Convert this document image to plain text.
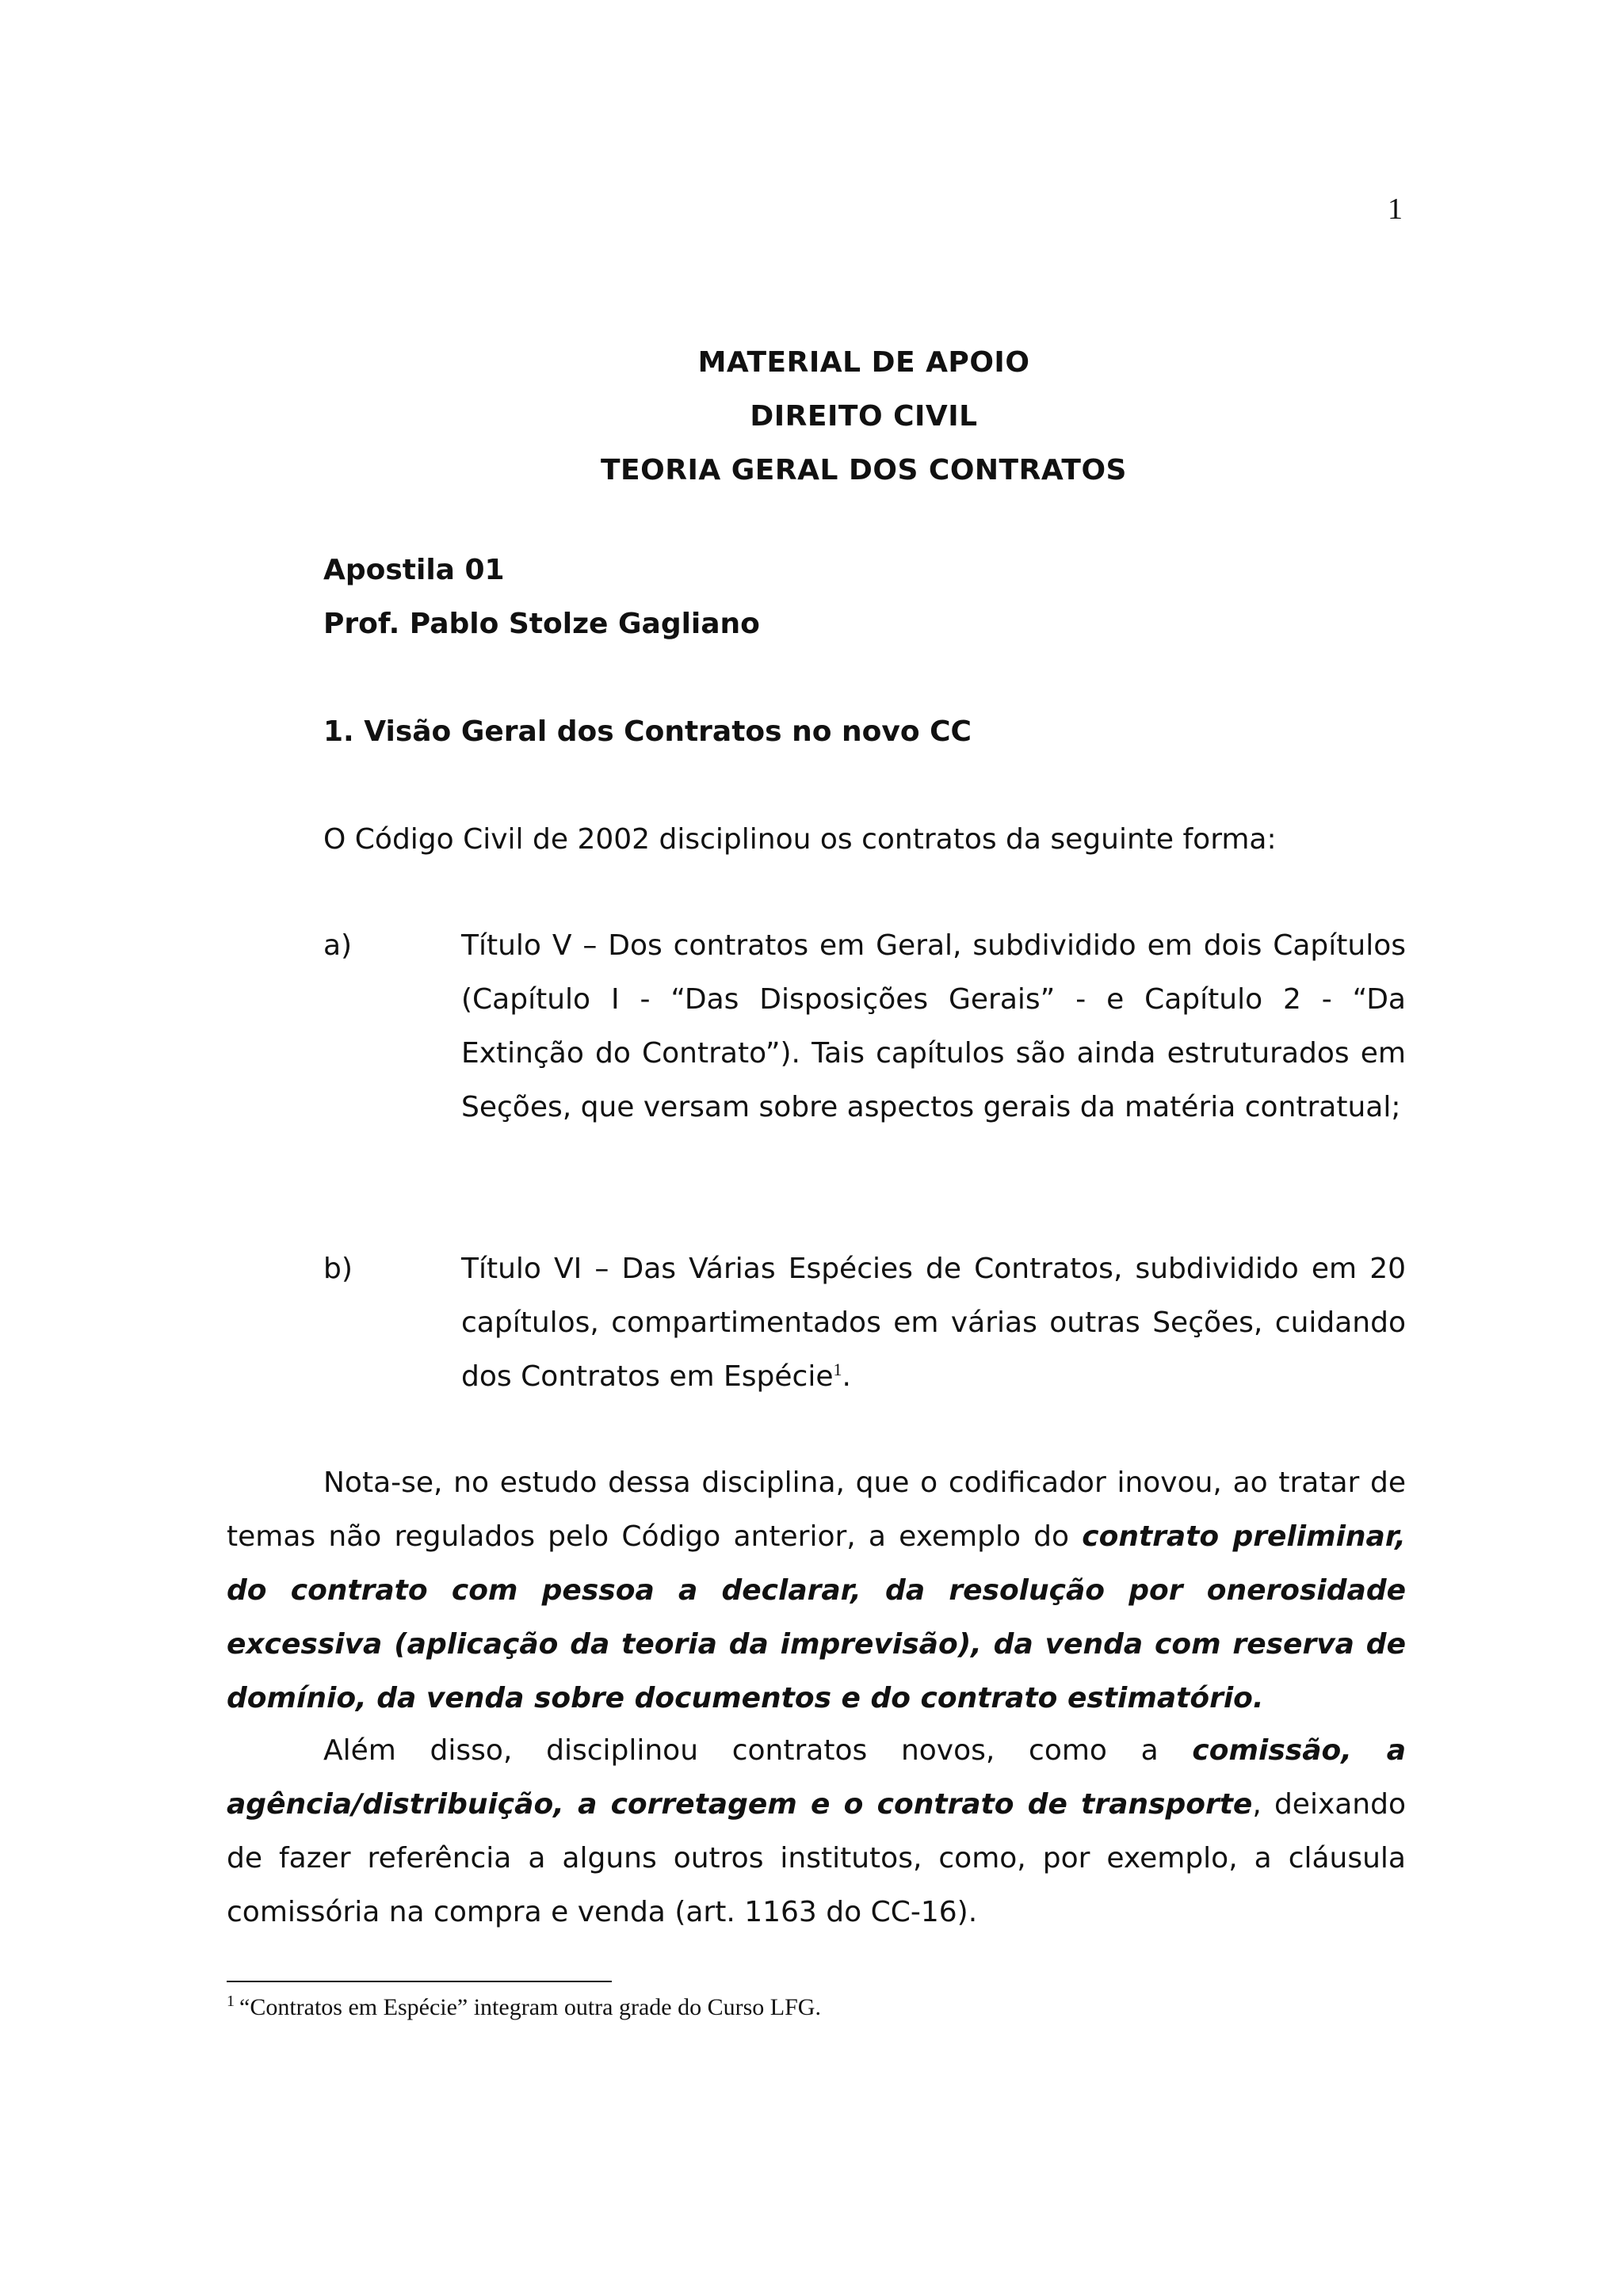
1
MATERIAL DE APOIO
DIREITO CIVIL
TEORIA GERAL DOS CONTRATOS
Apostila 01
Prof. Pablo Stolze Gagliano
1. Visão Geral dos Contratos no novo CC
O Código Civil de 2002 disciplinou os contratos da seguinte forma:
a)	Título V – Dos contratos em Geral, subdividido em dois Capítulos (Capítulo I - “Das Disposições Gerais” - e Capítulo 2 - “Da Extinção do Contrato”). Tais capítulos são ainda estruturados em Seções, que versam sobre aspectos gerais da matéria contratual;
b)	Título VI – Das Várias Espécies de Contratos, subdividido em 20 capítulos, compartimentados em várias outras Seções, cuidando dos Contratos em Espécie$^1$.
Nota-se, no estudo dessa disciplina, que o codificador inovou, ao tratar de temas não regulados pelo Código anterior, a exemplo do contrato preliminar, do contrato com pessoa a declarar, da resolução por onerosidade excessiva (aplicação da teoria da imprevisão), da venda com reserva de domínio, da venda sobre documentos e do contrato estimatório.
Além disso, disciplinou contratos novos, como a comissão, a agência/distribuição, a corretagem e o contrato de transporte, deixando de fazer referência a alguns outros institutos, como, por exemplo, a cláusula comissória na compra e venda (art. 1163 do CC-16).
$^1$ “Contratos em Espécie” integram outra grade do Curso LFG.
